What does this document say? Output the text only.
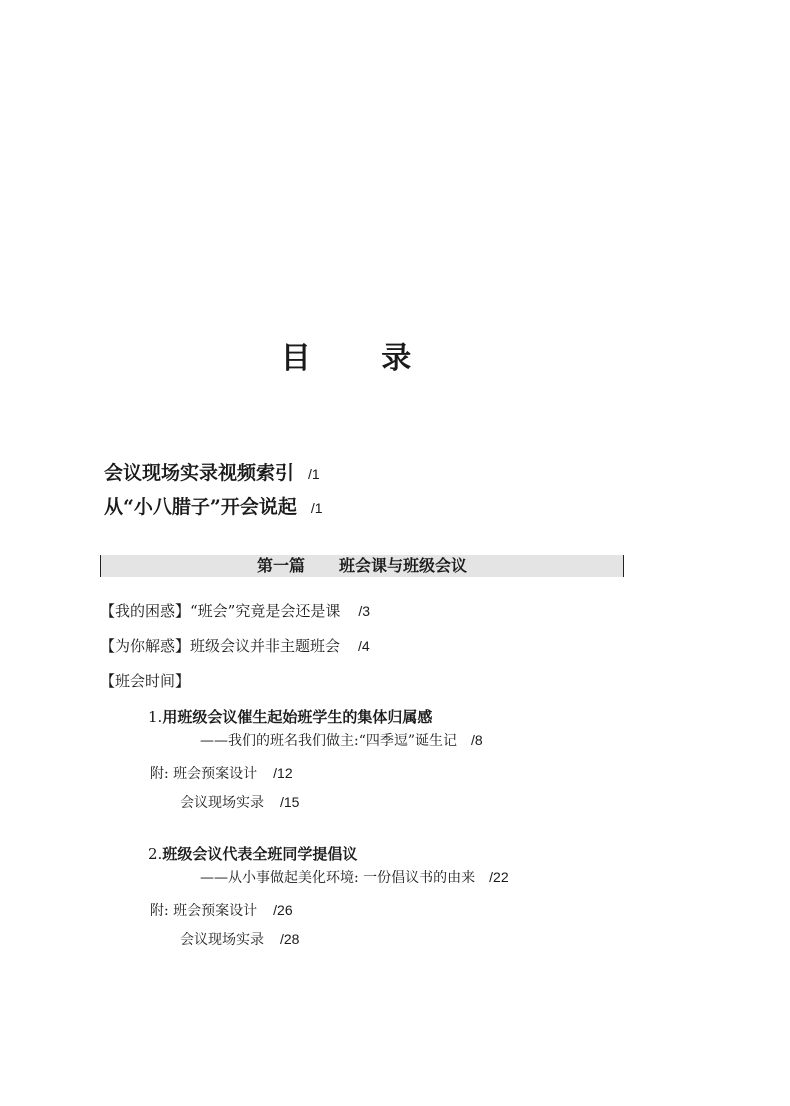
目 录
会议现场实录视频索引 /1
从“小八腊子”开会说起 /1
第一篇 班会课与班级会议
【我的困惑】“班会”究竟是会还是课 /3
【为你解惑】班级会议并非主题班会 /4
【班会时间】
1.用班级会议催生起始班学生的集体归属感
——我们的班名我们做主:“四季逗”诞生记 /8
附: 班会预案设计 /12
会议现场实录 /15
2.班级会议代表全班同学提倡议
——从小事做起美化环境: 一份倡议书的由来 /22
附: 班会预案设计 /26
会议现场实录 /28
